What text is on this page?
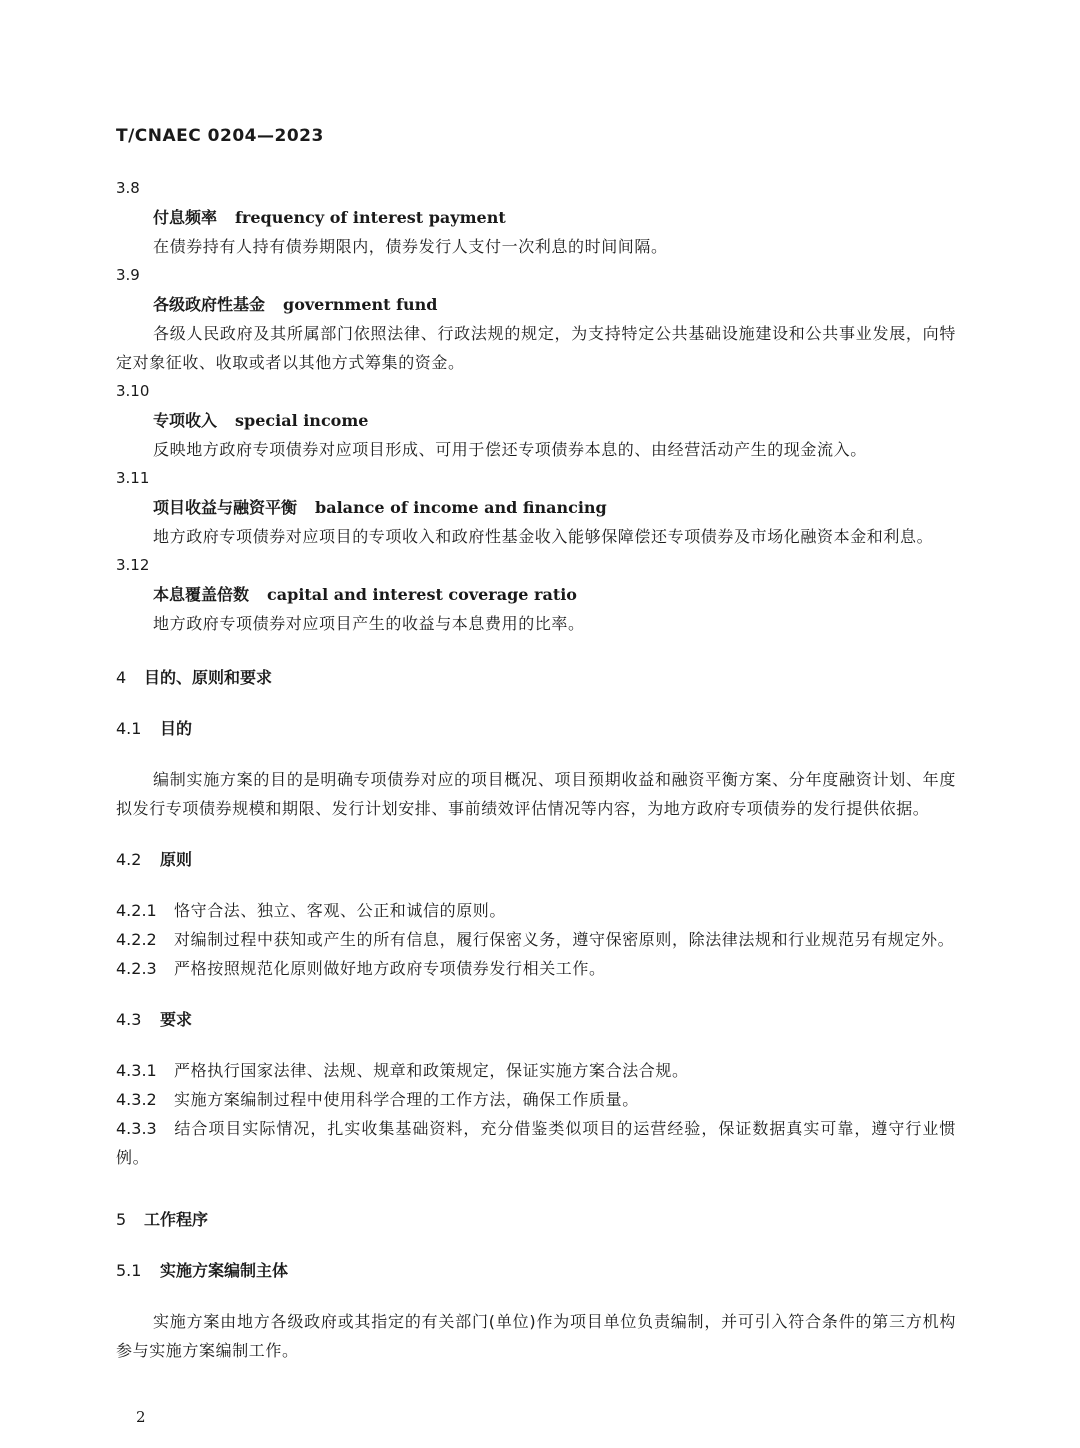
T/CNAEC 0204—2023
3.8
付息频率 frequency of interest payment
在债券持有人持有债券期限内，债券发行人支付一次利息的时间间隔。
3.9
各级政府性基金 government fund
各级人民政府及其所属部门依照法律、行政法规的规定，为支持特定公共基础设施建设和公共事业发展，向特定对象征收、收取或者以其他方式筹集的资金。
3.10
专项收入 special income
反映地方政府专项债券对应项目形成、可用于偿还专项债券本息的、由经营活动产生的现金流入。
3.11
项目收益与融资平衡 balance of income and financing
地方政府专项债券对应项目的专项收入和政府性基金收入能够保障偿还专项债券及市场化融资本金和利息。
3.12
本息覆盖倍数 capital and interest coverage ratio
地方政府专项债券对应项目产生的收益与本息费用的比率。
4 目的、原则和要求
4.1 目的
编制实施方案的目的是明确专项债券对应的项目概况、项目预期收益和融资平衡方案、分年度融资计划、年度拟发行专项债券规模和期限、发行计划安排、事前绩效评估情况等内容，为地方政府专项债券的发行提供依据。
4.2 原则
4.2.1 恪守合法、独立、客观、公正和诚信的原则。
4.2.2 对编制过程中获知或产生的所有信息，履行保密义务，遵守保密原则，除法律法规和行业规范另有规定外。
4.2.3 严格按照规范化原则做好地方政府专项债券发行相关工作。
4.3 要求
4.3.1 严格执行国家法律、法规、规章和政策规定，保证实施方案合法合规。
4.3.2 实施方案编制过程中使用科学合理的工作方法，确保工作质量。
4.3.3 结合项目实际情况，扎实收集基础资料，充分借鉴类似项目的运营经验，保证数据真实可靠，遵守行业惯例。
5 工作程序
5.1 实施方案编制主体
实施方案由地方各级政府或其指定的有关部门(单位)作为项目单位负责编制，并可引入符合条件的第三方机构参与实施方案编制工作。
2
